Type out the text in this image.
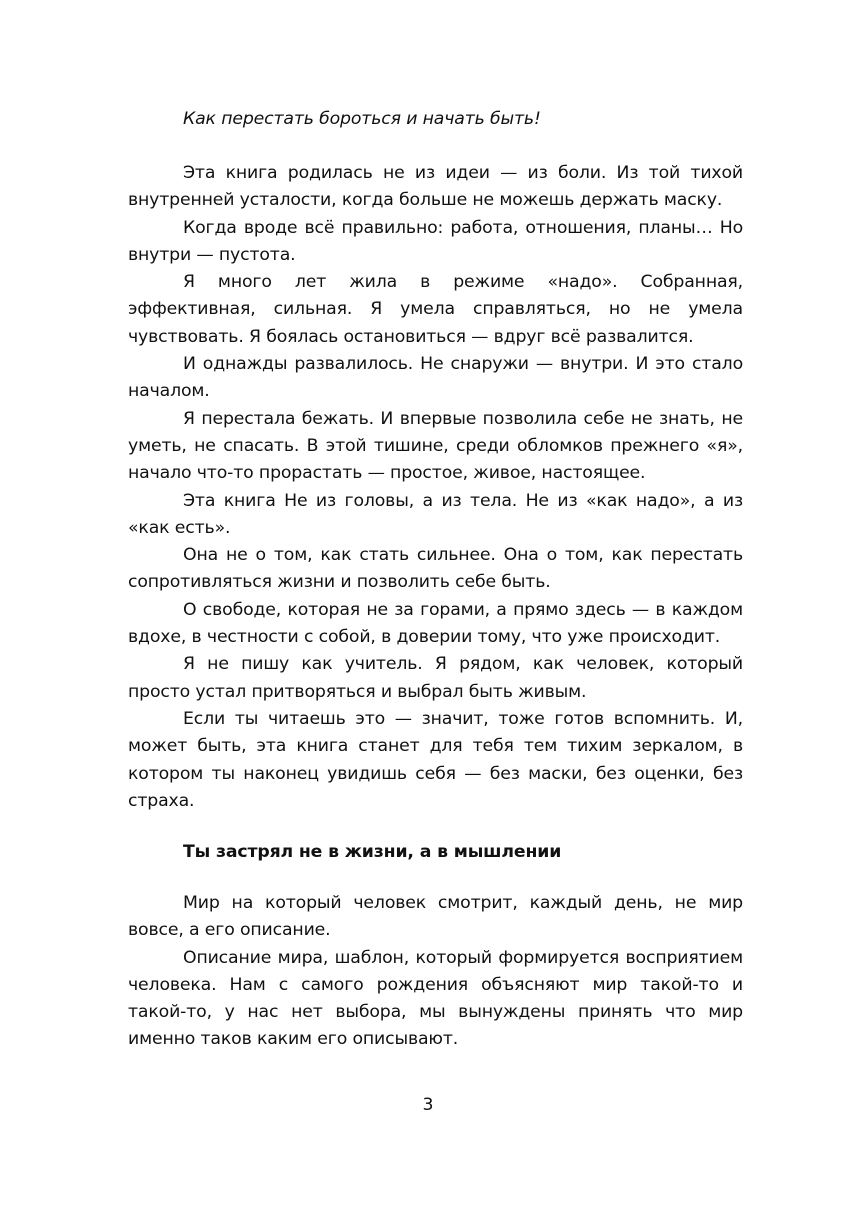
Как перестать бороться и начать быть!

Эта книга родилась не из идеи — из боли. Из той тихой внутренней усталости, когда больше не можешь держать маску.

Когда вроде всё правильно: работа, отношения, планы… Но внутри — пустота.

Я много лет жила в режиме «надо». Собранная, эффективная, сильная. Я умела справляться, но не умела чувствовать. Я боялась остановиться — вдруг всё развалится.

И однажды развалилось. Не снаружи — внутри. И это стало началом.

Я перестала бежать. И впервые позволила себе не знать, не уметь, не спасать. В этой тишине, среди обломков прежнего «я», начало что-то прорастать — простое, живое, настоящее.

Эта книга Не из головы, а из тела. Не из «как надо», а из «как есть».

Она не о том, как стать сильнее. Она о том, как перестать сопротивляться жизни и позволить себе быть.

О свободе, которая не за горами, а прямо здесь — в каждом вдохе, в честности с собой, в доверии тому, что уже происходит.

Я не пишу как учитель. Я рядом, как человек, который просто устал притворяться и выбрал быть живым.

Если ты читаешь это — значит, тоже готов вспомнить. И, может быть, эта книга станет для тебя тем тихим зеркалом, в котором ты наконец увидишь себя — без маски, без оценки, без страха.

Ты застрял не в жизни, а в мышлении

Мир на который человек смотрит, каждый день, не мир вовсе, а его описание.

Описание мира, шаблон, который формируется восприятием человека. Нам с самого рождения объясняют мир такой-то и такой-то, у нас нет выбора, мы вынуждены принять что мир именно таков каким его описывают.

3
